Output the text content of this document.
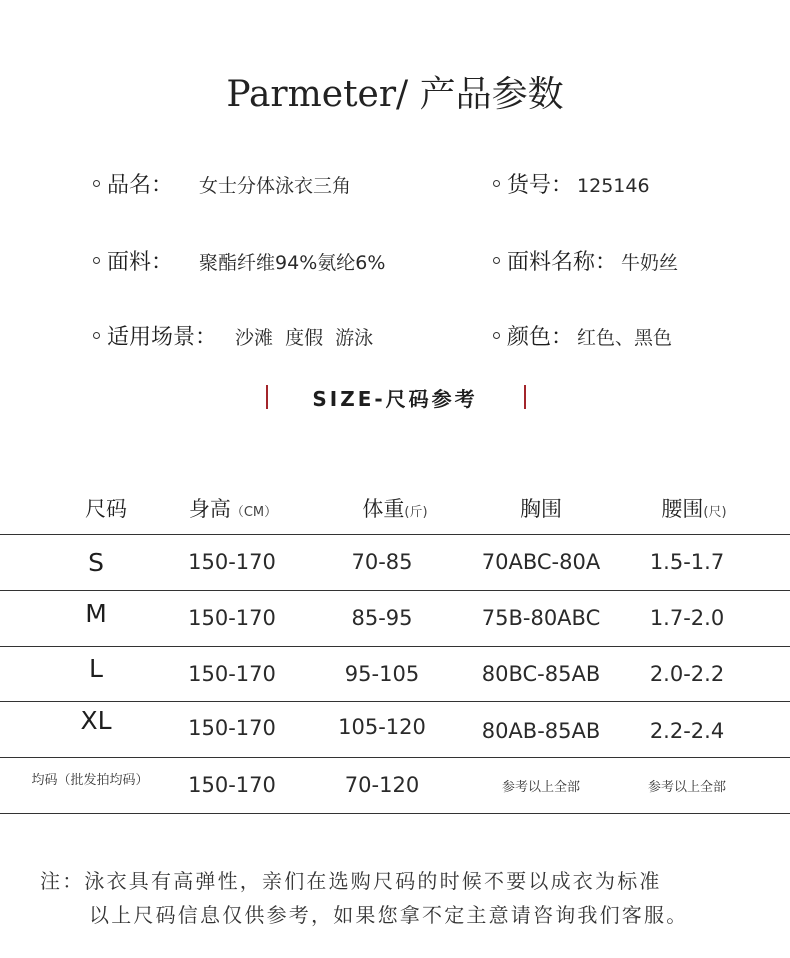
Parmeter/ 产品参数
品名： 女士分体泳衣三角	货号： 125146
面料： 聚酯纤维94%氨纶6%	面料名称： 牛奶丝
适用场景： 沙滩  度假  游泳	颜色： 红色、黑色
SIZE-尺码参考
尺码	身高（CM）	体重(斤)	胸围	腰围(尺)
S	150-170	70-85	70ABC-80A	1.5-1.7
M	150-170	85-95	75B-80ABC	1.7-2.0
L	150-170	95-105	80BC-85AB	2.0-2.2
XL	150-170	105-120	80AB-85AB	2.2-2.4
均码（批发拍均码）	150-170	70-120	参考以上全部	参考以上全部
注：泳衣具有高弹性，亲们在选购尺码的时候不要以成衣为标准
以上尺码信息仅供参考，如果您拿不定主意请咨询我们客服。
